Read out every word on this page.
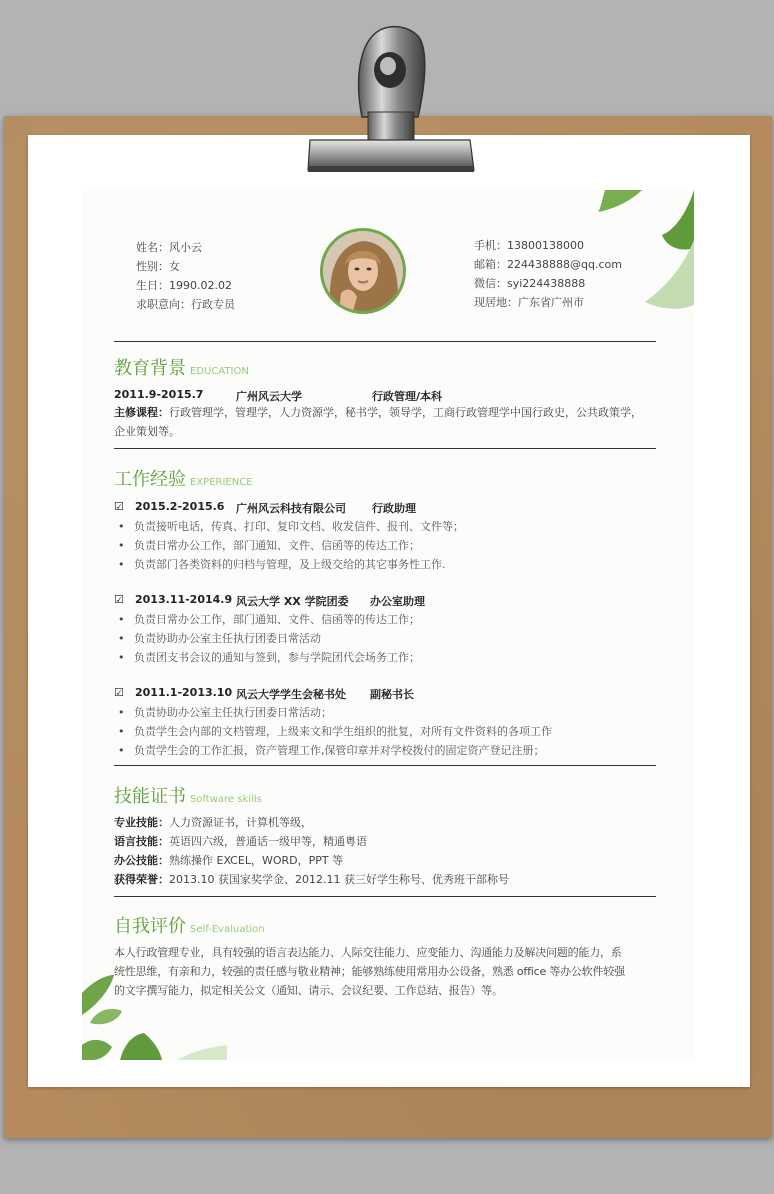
姓名：风小云
性别：女
生日：1990.02.02
求职意向：行政专员
手机：13800138000
邮箱：224438888@qq.com
微信：syi224438888
现居地：广东省广州市
教育背景 EDUCATION
2011.9-2015.7	广州风云大学	行政管理/本科
主修课程：行政管理学，管理学，人力资源学，秘书学，领导学，工商行政管理学中国行政史，公共政策学，
企业策划等。
工作经验 EXPERIENCE
☑ 2015.2-2015.6 广州风云科技有限公司 行政助理
• 负责接听电话，传真、打印、复印文档、收发信件、报刊、文件等；
• 负责日常办公工作，部门通知、文件、信函等的传达工作；
• 负责部门各类资料的归档与管理，及上级交给的其它事务性工作.
☑ 2013.11-2014.9 风云大学 XX 学院团委 办公室助理
• 负责日常办公工作，部门通知、文件、信函等的传达工作；
• 负责协助办公室主任执行团委日常活动
• 负责团支书会议的通知与签到，参与学院团代会场务工作；
☑ 2011.1-2013.10 风云大学学生会秘书处 副秘书长
• 负责协助办公室主任执行团委日常活动；
• 负责学生会内部的文档管理，上级来文和学生组织的批复，对所有文件资料的各项工作
• 负责学生会的工作汇报，资产管理工作,保管印章并对学校拨付的固定资产登记注册；
技能证书 Software skills
专业技能：人力资源证书，计算机等级，
语言技能：英语四六级，普通话一级甲等，精通粤语
办公技能：熟练操作 EXCEL，WORD，PPT 等
获得荣誉：2013.10 获国家奖学金、2012.11 获三好学生称号、优秀班干部称号
自我评价 Self-Evaluation
本人行政管理专业，具有较强的语言表达能力、人际交往能力、应变能力、沟通能力及解决问题的能力，系
统性思维，有亲和力，较强的责任感与敬业精神；能够熟练使用常用办公设备，熟悉 office 等办公软件较强
的文字撰写能力，拟定相关公文（通知、请示、会议纪要、工作总结、报告）等。
